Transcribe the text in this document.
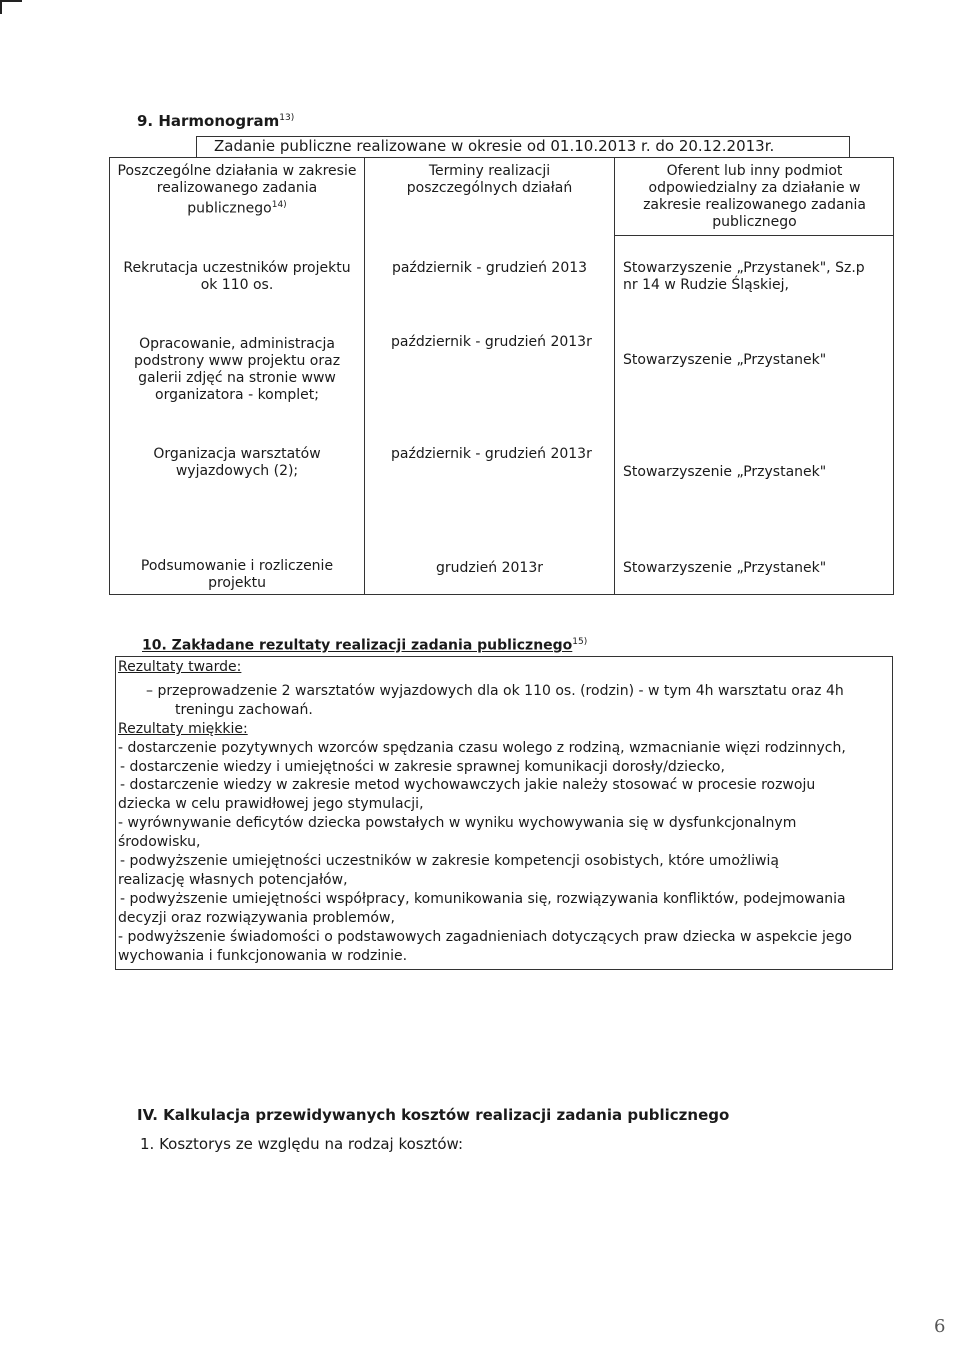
9. Harmonogram$^{13)}$
Zadanie publiczne realizowane w okresie od 01.10.2013 r. do 20.12.2013r.
Poszczególne działania w zakresie
realizowanego zadania
publicznego$^{14)}$
Terminy realizacji
poszczególnych działań
Oferent lub inny podmiot
odpowiedzialny za działanie w
zakresie realizowanego zadania
publicznego
Rekrutacja uczestników projektu
ok 110 os.
październik - grudzień 2013	Stowarzyszenie „Przystanek", Sz.p
nr 14 w Rudzie Śląskiej,
Opracowanie, administracja
podstrony www projektu oraz
galerii zdjęć na stronie www
organizatora - komplet;
październik - grudzień 2013r
Stowarzyszenie „Przystanek"
Organizacja warsztatów
wyjazdowych (2);
październik - grudzień 2013r
Stowarzyszenie „Przystanek"
Podsumowanie i rozliczenie
projektu
grudzień 2013r	Stowarzyszenie „Przystanek"
10. Zakładane rezultaty realizacji zadania publicznego$^{15)}$
Rezultaty twarde:
– przeprowadzenie 2 warsztatów wyjazdowych dla ok 110 os. (rodzin) - w tym 4h warsztatu oraz 4h
treningu zachowań.
Rezultaty miękkie:
- dostarczenie pozytywnych wzorców spędzania czasu wolego z rodziną, wzmacnianie więzi rodzinnych,
- dostarczenie wiedzy i umiejętności w zakresie sprawnej komunikacji dorosły/dziecko,
- dostarczenie wiedzy w zakresie metod wychowawczych jakie należy stosować w procesie rozwoju
dziecka w celu prawidłowej jego stymulacji,
- wyrównywanie deficytów dziecka powstałych w wyniku wychowywania się w dysfunkcjonalnym
środowisku,
- podwyższenie umiejętności uczestników w zakresie kompetencji osobistych, które umożliwią
realizację własnych potencjałów,
- podwyższenie umiejętności współpracy, komunikowania się, rozwiązywania konfliktów, podejmowania
decyzji oraz rozwiązywania problemów,
- podwyższenie świadomości o podstawowych zagadnieniach dotyczących praw dziecka w aspekcie jego
wychowania i funkcjonowania w rodzinie.
IV. Kalkulacja przewidywanych kosztów realizacji zadania publicznego
1. Kosztorys ze względu na rodzaj kosztów:
6
